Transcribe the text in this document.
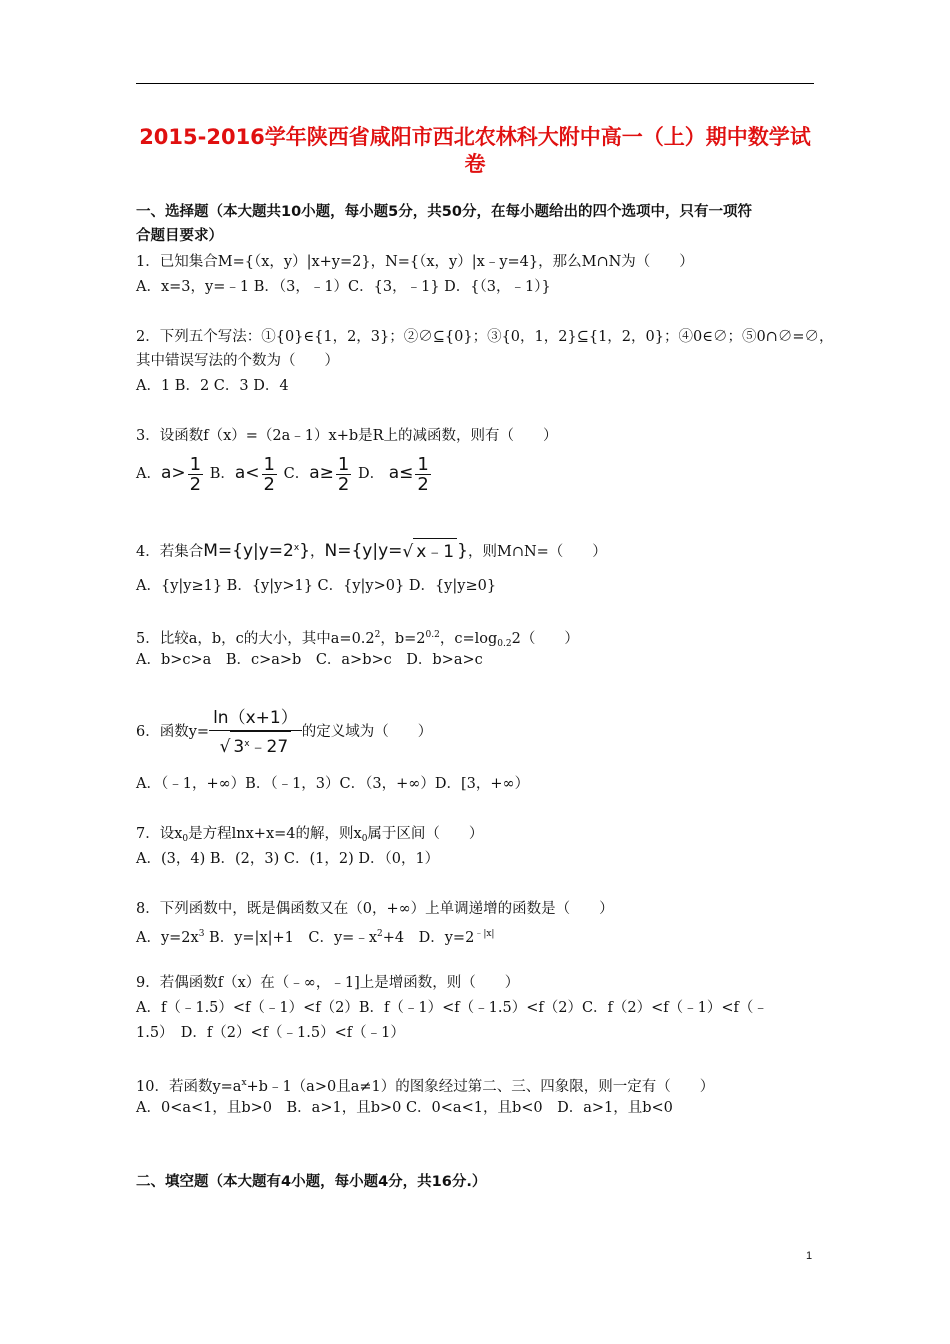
2015-2016学年陕西省咸阳市西北农林科大附中高一（上）期中数学试
卷
一、选择题（本大题共10小题，每小题5分，共50分，在每小题给出的四个选项中，只有一项符
合题目要求）
1．已知集合M={（x，y）|x+y=2}，N={（x，y）|x﹣y=4}，那么M∩N为（　　）
A．x=3，y=﹣1 B．（3，﹣1）C．{3，﹣1} D．{（3，﹣1）}
2．下列五个写法：①{0}∈{1，2，3}；②∅⊆{0}；③{0，1，2}⊆{1，2，0}；④0∈∅；⑤0∩∅=∅，
其中错误写法的个数为（　　）
A．1 B．2 C．3 D．4
3．设函数f（x）=（2a﹣1）x+b是R上的减函数，则有（　　）
A．$a> \frac{1}{2}$ B．$a< \frac{1}{2}$ C．$a\ge \frac{1}{2}$ D． $a\le \frac{1}{2}$
4．若集合$M=\{y|y=2^x\}$，N={y|y=√ x﹣1 }，则M∩N=（　　）
A．{y|y≥1} B．{y|y>1} C．{y|y>0} D．{y|y≥0}
5．比较a，b，c的大小，其中$a=0.2^2$，$b=2^{0.2}$，$c=\log_{0.2}2$（　　）
A．b>c>a　B．c>a>b　C．a>b>c　D．b>a>c
6．函数$y= \frac{\ln(x+1)}{√ 3^x﹣27}$ 的定义域为（　　）
A．（﹣1，+∞）B．（﹣1，3）C．（3，+∞）D．[3，+∞）
7．设$x_0$是方程lnx+x=4的解，则$x_0$属于区间（　　）
A．(3，4) B．(2，3) C．(1，2) D．（0，1）
8．下列函数中，既是偶函数又在（0，+∞）上单调递增的函数是（　　）
A．$y=2x^3$ B．y=|x|+1　C．$y=﹣x^2+4$　D．$y=2^{﹣|x|}$
9．若偶函数f（x）在（﹣∞，﹣1]上是增函数，则（　　）
A．f（﹣1.5）<f（﹣1）<f（2）B．f（﹣1）<f（﹣1.5）<f（2）C．f（2）<f（﹣1）<f（﹣
1.5）　D．f（2）<f（﹣1.5）<f（﹣1）
10．若函数$y=a^x+b﹣1(a>0$且a≠1）的图象经过第二、三、四象限，则一定有（　　）
A．0<a<1，且b>0　B．a>1，且b>0 C．0<a<1，且b<0　D．a>1，且b<0
二、填空题（本大题有4小题，每小题4分，共16分.）
1
